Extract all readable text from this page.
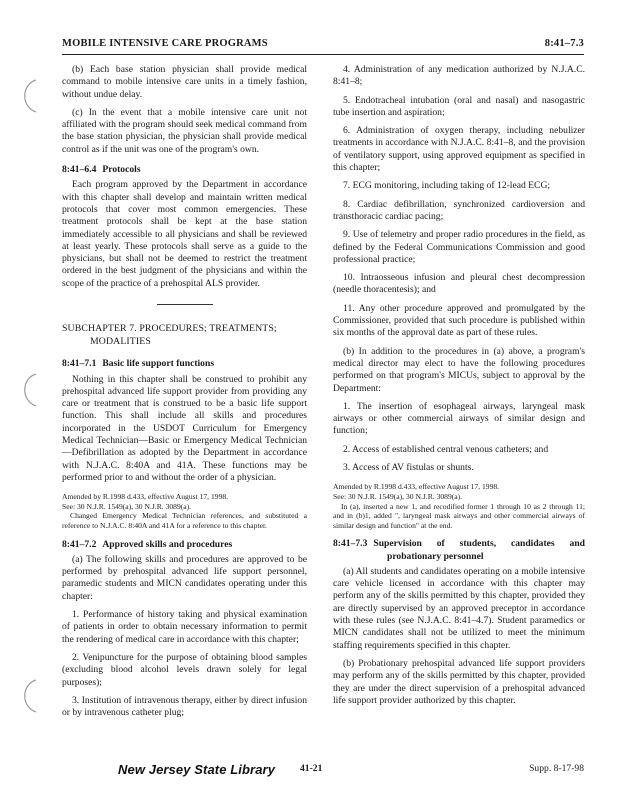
MOBILE INTENSIVE CARE PROGRAMS	8:41–7.3

(b) Each base station physician shall provide medical command to mobile intensive care units in a timely fashion, without undue delay.

(c) In the event that a mobile intensive care unit not affiliated with the program should seek medical command from the base station physician, the physician shall provide medical control as if the unit was one of the program's own.

8:41–6.4 Protocols

Each program approved by the Department in accordance with this chapter shall develop and maintain written medical protocols that cover most common emergencies. These treatment protocols shall be kept at the base station immediately accessible to all physicians and shall be reviewed at least yearly. These protocols shall serve as a guide to the physicians, but shall not be deemed to restrict the treatment ordered in the best judgment of the physicians and within the scope of the practice of a prehospital ALS provider.

SUBCHAPTER 7. PROCEDURES; TREATMENTS;
MODALITIES
8:41–7.1 Basic life support functions

Nothing in this chapter shall be construed to prohibit any prehospital advanced life support provider from providing any care or treatment that is construed to be a basic life support function. This shall include all skills and procedures incorporated in the USDOT Curriculum for Emergency Medical Technician—Basic or Emergency Medical Technician—Defibrillation as adopted by the Department in accordance with N.J.A.C. 8:40A and 41A. These functions may be performed prior to and without the order of a physician.

Amended by R.1998 d.433, effective August 17, 1998.
See: 30 N.J.R. 1549(a), 30 N.J.R. 3089(a).
Changed Emergency Medical Technician references, and substituted a reference to N.J.A.C. 8:40A and 41A for a reference to this chapter.
8:41–7.2 Approved skills and procedures

(a) The following skills and procedures are approved to be performed by prehospital advanced life support personnel, paramedic students and MICN candidates operating under this chapter:

1. Performance of history taking and physical examination of patients in order to obtain necessary information to permit the rendering of medical care in accordance with this chapter;

2. Venipuncture for the purpose of obtaining blood samples (excluding blood alcohol levels drawn solely for legal purposes);

3. Institution of intravenous therapy, either by direct infusion or by intravenous catheter plug;

4. Administration of any medication authorized by N.J.A.C. 8:41–8;

5. Endotracheal intubation (oral and nasal) and nasogastric tube insertion and aspiration;

6. Administration of oxygen therapy, including nebulizer treatments in accordance with N.J.A.C. 8:41–8, and the provision of ventilatory support, using approved equipment as specified in this chapter;

7. ECG monitoring, including taking of 12-lead ECG;

8. Cardiac defibrillation, synchronized cardioversion and transthoracic cardiac pacing;

9. Use of telemetry and proper radio procedures in the field, as defined by the Federal Communications Commission and good professional practice;

10. Intraosseous infusion and pleural chest decompression (needle thoracentesis); and

11. Any other procedure approved and promulgated by the Commissioner, provided that such procedure is published within six months of the approval date as part of these rules.

(b) In addition to the procedures in (a) above, a program's medical director may elect to have the following procedures performed on that program's MICUs, subject to approval by the Department:

1. The insertion of esophageal airways, laryngeal mask airways or other commercial airways of similar design and function;

2. Access of established central venous catheters; and

3. Access of AV fistulas or shunts.

Amended by R.1998 d.433, effective August 17, 1998.
See: 30 N.J.R. 1549(a), 30 N.J.R. 3089(a).
In (a), inserted a new 1, and recodified former 1 through 10 as 2 through 11; and in (b)1, added ", laryngeal mask airways and other commercial airways of similar design and function" at the end.
8:41–7.3 Supervision of students, candidates and probationary personnel

(a) All students and candidates operating on a mobile intensive care vehicle licensed in accordance with this chapter may perform any of the skills permitted by this chapter, provided they are directly supervised by an approved preceptor in accordance with these rules (see N.J.A.C. 8:41–4.7). Student paramedics or MICN candidates shall not be utilized to meet the minimum staffing requirements specified in this chapter.

(b) Probationary prehospital advanced life support providers may perform any of the skills permitted by this chapter, provided they are under the direct supervision of a prehospital advanced life support provider authorized by this chapter.

New Jersey State Library	41-21	Supp. 8-17-98
